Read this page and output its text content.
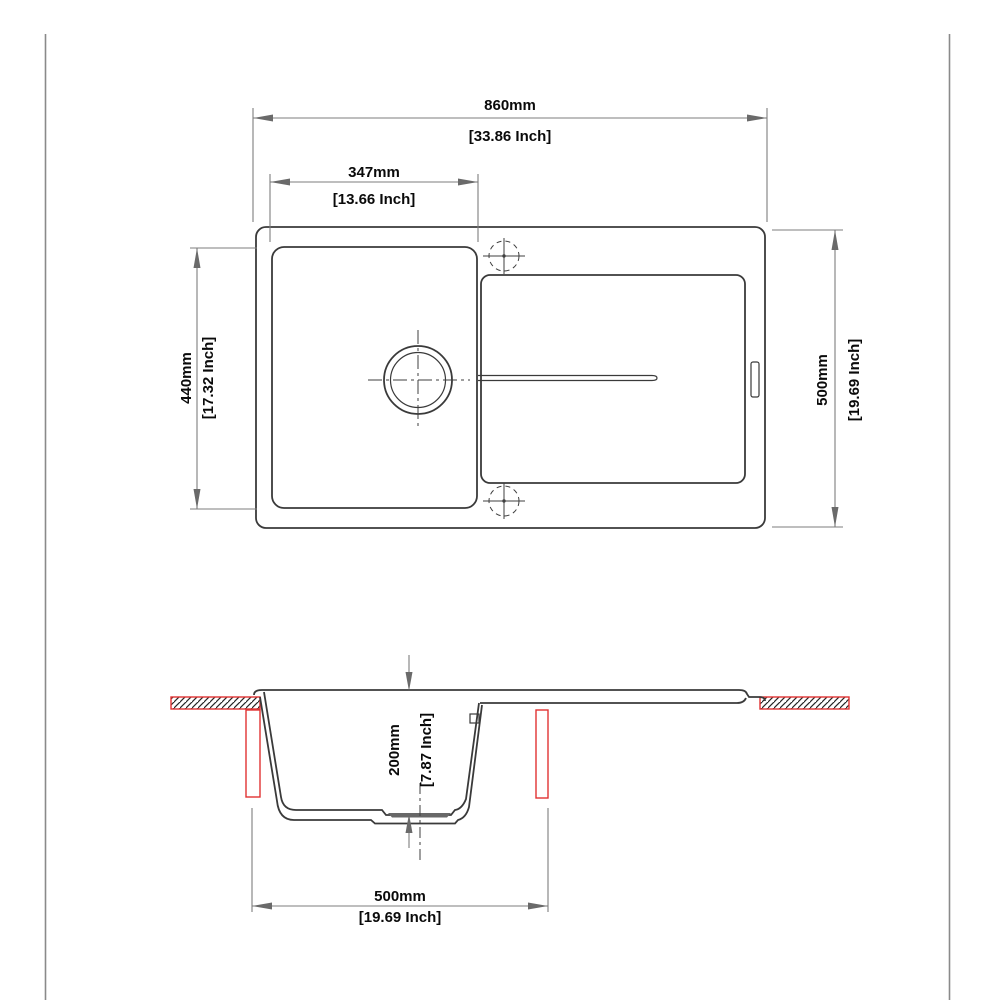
860mm
[33.86 Inch]
347mm
[13.66 Inch]
440mm [17.32 Inch]	500mm [19.69 Inch]
200mm [7.87 Inch]
500mm
[19.69 Inch]
